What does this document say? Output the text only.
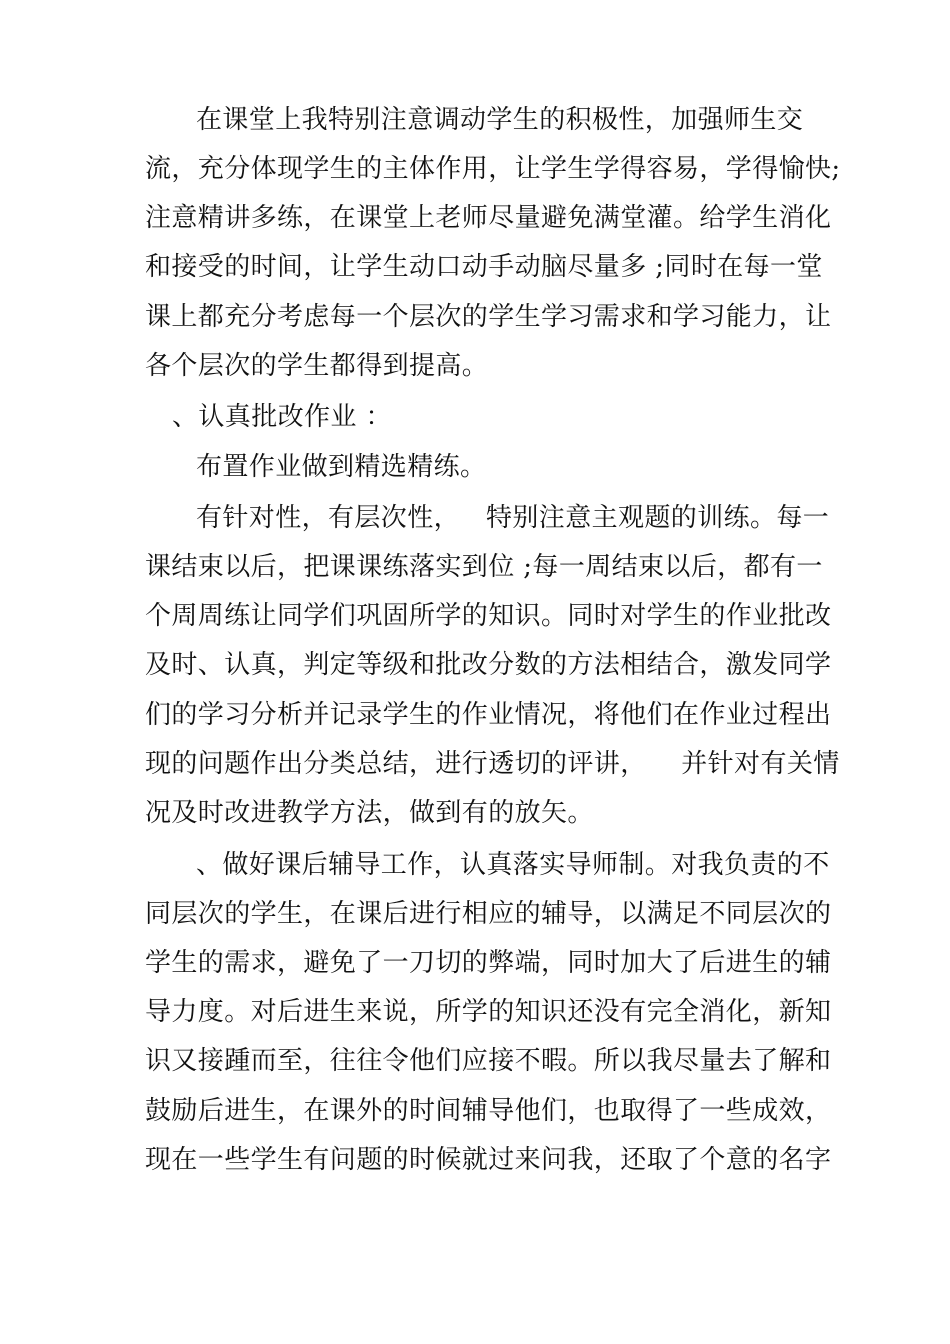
在课堂上我特别注意调动学生的积极性，加强师生交

流，充分体现学生的主体作用，让学生学得容易，学得愉快;

注意精讲多练，在课堂上老师尽量避免满堂灌。给学生消化

和接受的时间，让学生动口动手动脑尽量多 ;同时在每一堂

课上都充分考虑每一个层次的学生学习需求和学习能力，让

各个层次的学生都得到提高。

、认真批改作业 ：

布置作业做到精选精练。

有针对性，有层次性，   特别注意主观题的训练。每一

课结束以后，把课课练落实到位 ;每一周结束以后，都有一

个周周练让同学们巩固所学的知识。同时对学生的作业批改

及时、认真，判定等级和批改分数的方法相结合，激发同学

们的学习分析并记录学生的作业情况，将他们在作业过程出

现的问题作出分类总结，进行透切的评讲，    并针对有关情

况及时改进教学方法，做到有的放矢。

、做好课后辅导工作，认真落实导师制。对我负责的不

同层次的学生，在课后进行相应的辅导，以满足不同层次的

学生的需求，避免了一刀切的弊端，同时加大了后进生的辅

导力度。对后进生来说，所学的知识还没有完全消化，新知

识又接踵而至，往往令他们应接不暇。所以我尽量去了解和

鼓励后进生，在课外的时间辅导他们，也取得了一些成效，

现在一些学生有问题的时候就过来问我，还取了个意的名字
